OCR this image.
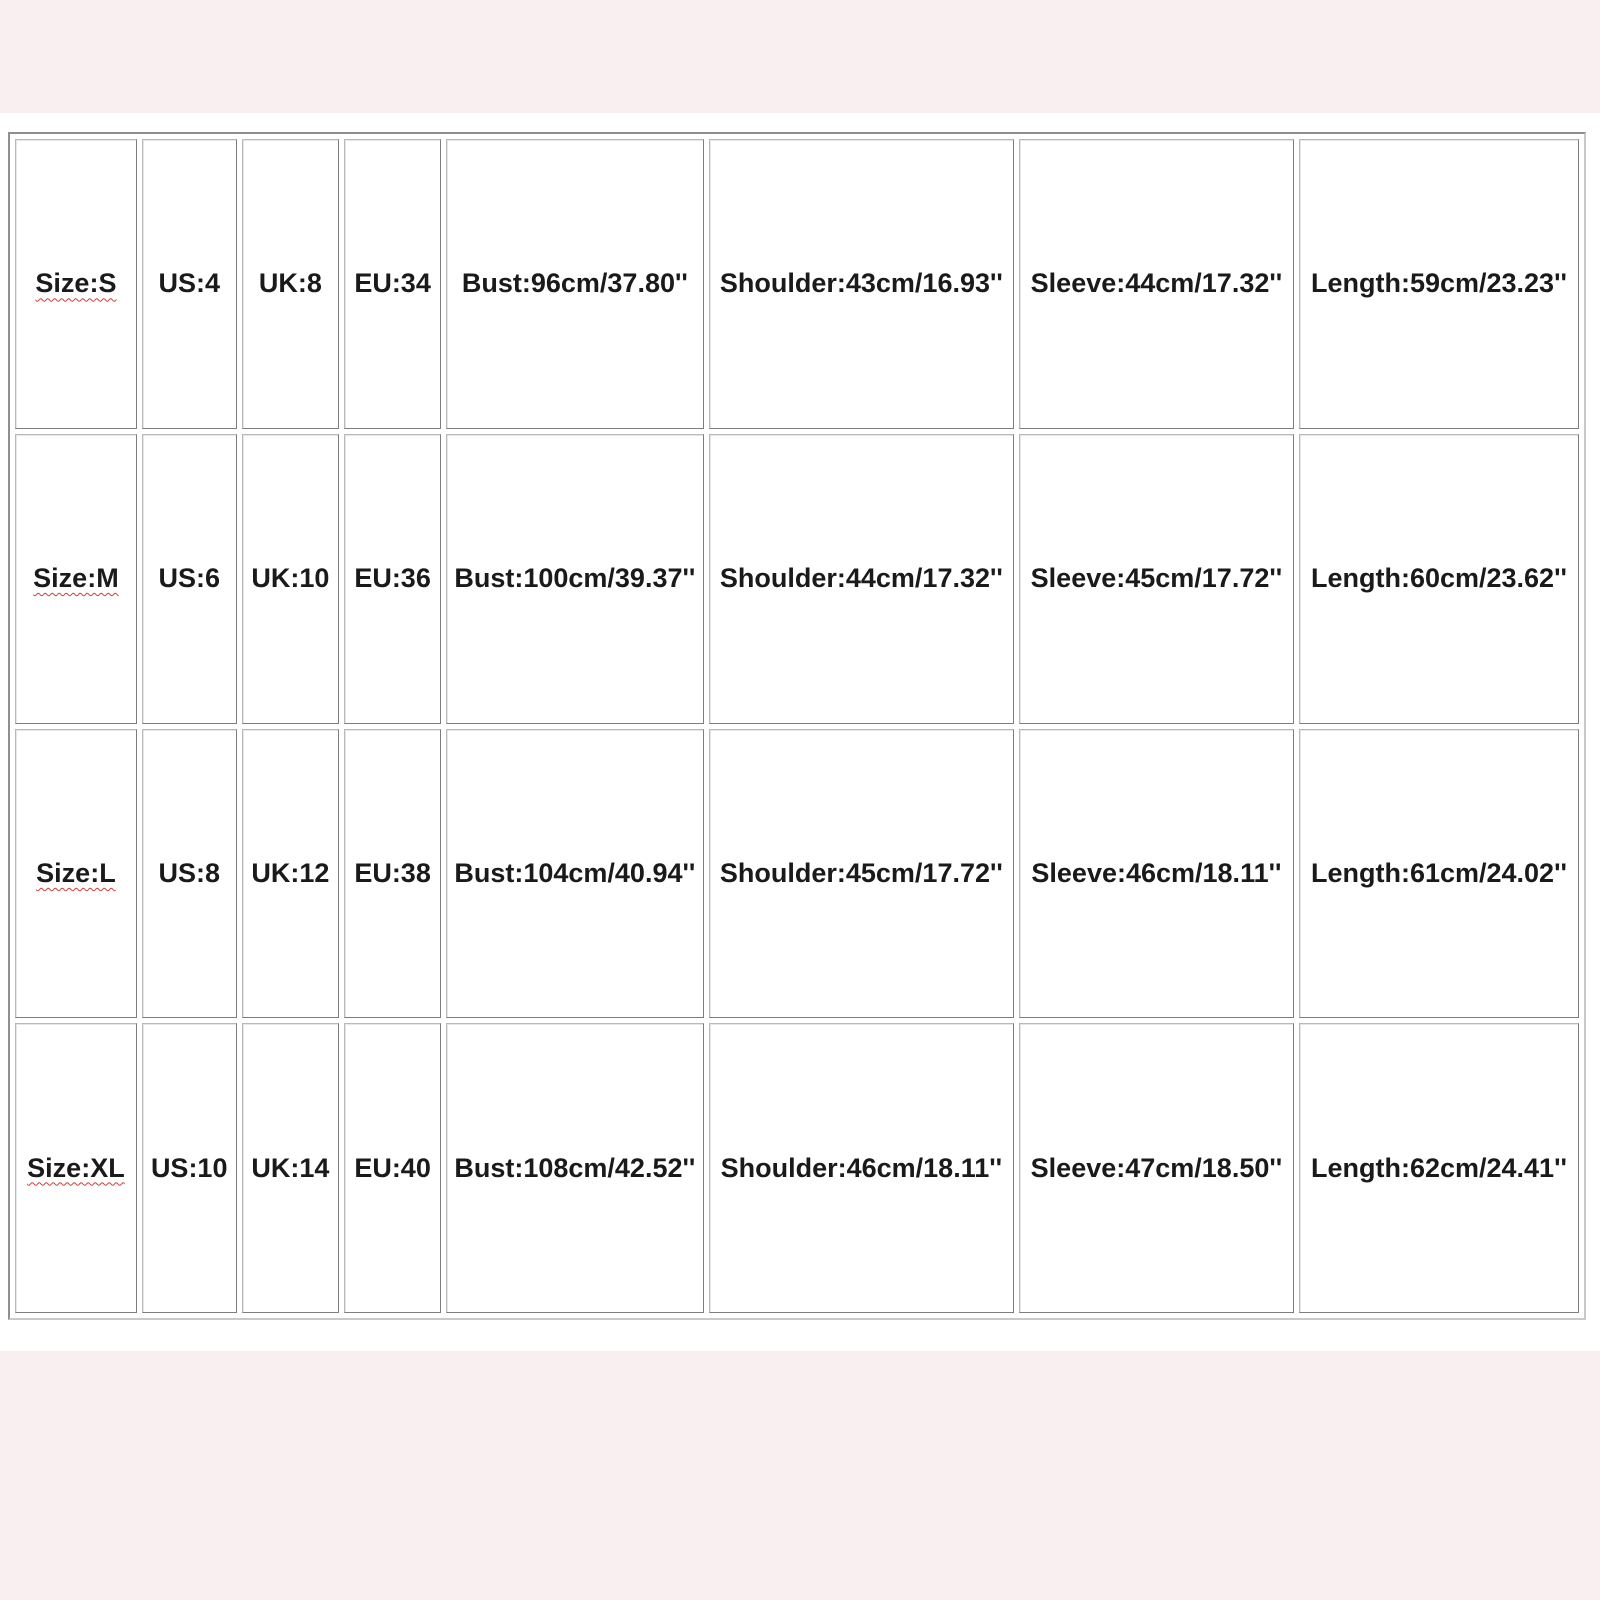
Size:S	US:4	UK:8	EU:34	Bust:96cm/37.80''	Shoulder:43cm/16.93''	Sleeve:44cm/17.32''	Length:59cm/23.23''
Size:M	US:6	UK:10	EU:36	Bust:100cm/39.37''	Shoulder:44cm/17.32''	Sleeve:45cm/17.72''	Length:60cm/23.62''
Size:L	US:8	UK:12	EU:38	Bust:104cm/40.94''	Shoulder:45cm/17.72''	Sleeve:46cm/18.11''	Length:61cm/24.02''
Size:XL	US:10	UK:14	EU:40	Bust:108cm/42.52''	Shoulder:46cm/18.11''	Sleeve:47cm/18.50''	Length:62cm/24.41''
